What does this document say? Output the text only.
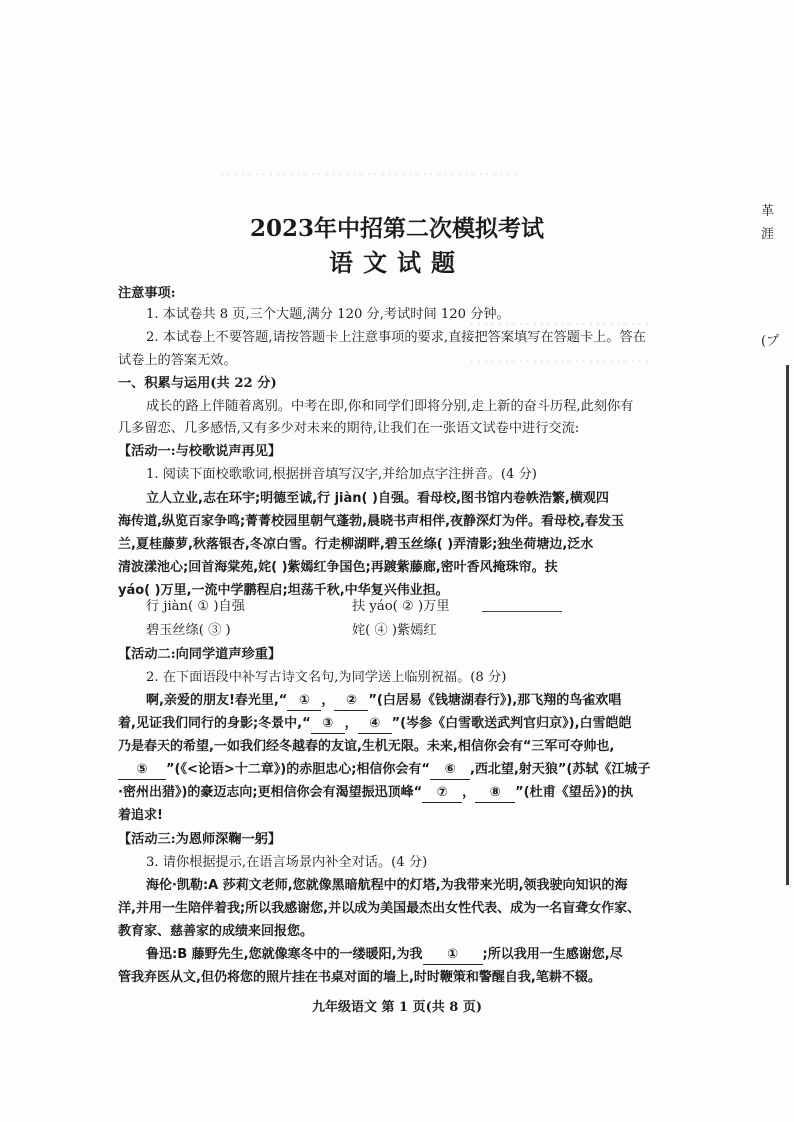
· · · · · · · · · · · · · · · · · · · · · · · · · · · · · · · · · · · · · · · · · · ·
· · · · · · · · · · · · · · · · · · · · · · · · · ·
· · · · · · · · · · · · · · · · · · · · · · · · · ·
革
涯
(プ
2023年中招第二次模拟考试
语文试题
注意事项:
1. 本试卷共 8 页,三个大题,满分 120 分,考试时间 120 分钟。
2. 本试卷上不要答题,请按答题卡上注意事项的要求,直接把答案填写在答题卡上。答在
试卷上的答案无效。
一、积累与运用(共 22 分)
成长的路上伴随着离别。中考在即,你和同学们即将分别,走上新的奋斗历程,此刻你有
几多留恋、几多感悟,又有多少对未来的期待,让我们在一张语文试卷中进行交流:
【活动一:与校歌说声再见】
1. 阅读下面校歌歌词,根据拼音填写汉字,并给加点字注拼音。(4 分)
立人立业,志在环宇;明德至诚,行 jiàn( )自强。看母校,图书馆内卷帙浩繁,横观四
海传道,纵览百家争鸣;菁菁校园里朝气蓬勃,晨晓书声相伴,夜静深灯为伴。看母校,春发玉
兰,夏桂藤萝,秋落银杏,冬凉白雪。行走柳湖畔,碧玉丝绦( )弄清影;独坐荷塘边,泛水
清波漾池心;回首海棠苑,姹( )紫嫣红争国色;再踱紫藤廊,密叶香风掩珠帘。扶
yáo( )万里,一流中学鹏程启;坦荡千秋,中华复兴伟业担。
行 jiàn( ① )自强	扶 yáo( ② )万里
碧玉丝绦( ③ )	姹( ④ )紫嫣红
【活动二:向同学道声珍重】
2. 在下面语段中补写古诗文名句,为同学送上临别祝福。(8 分)
啊,亲爱的朋友!春光里,“ ① ， ② ”(白居易《钱塘湖春行》),那飞翔的鸟雀欢唱
着,见证我们同行的身影;冬景中,“ ③ ， ④ ”(岑参《白雪歌送武判官归京》),白雪皑皑
乃是春天的希望,一如我们经冬越春的友谊,生机无限。未来,相信你会有“三军可夺帅也,
⑤ ”(《<论语>十二章》)的赤胆忠心;相信你会有“ ⑥ ,西北望,射天狼”(苏轼《江城子
·密州出猎》)的豪迈志向;更相信你会有渴望振迅顶峰“ ⑦ ， ⑧ ”(杜甫《望岳》)的执
着追求!
【活动三:为恩师深鞠一躬】
3. 请你根据提示,在语言场景内补全对话。(4 分)
海伦·凯勒:A 莎莉文老师,您就像黑暗航程中的灯塔,为我带来光明,领我驶向知识的海
洋,并用一生陪伴着我;所以我感谢您,并以成为美国最杰出女性代表、成为一名盲聋女作家、
教育家、慈善家的成绩来回报您。
鲁迅:B 藤野先生,您就像寒冬中的一缕暖阳,为我 ① ;所以我用一生感谢您,尽
管我弃医从文,但仍将您的照片挂在书桌对面的墙上,时时鞭策和警醒自我,笔耕不辍。
九年级语文 第 1 页(共 8 页)
